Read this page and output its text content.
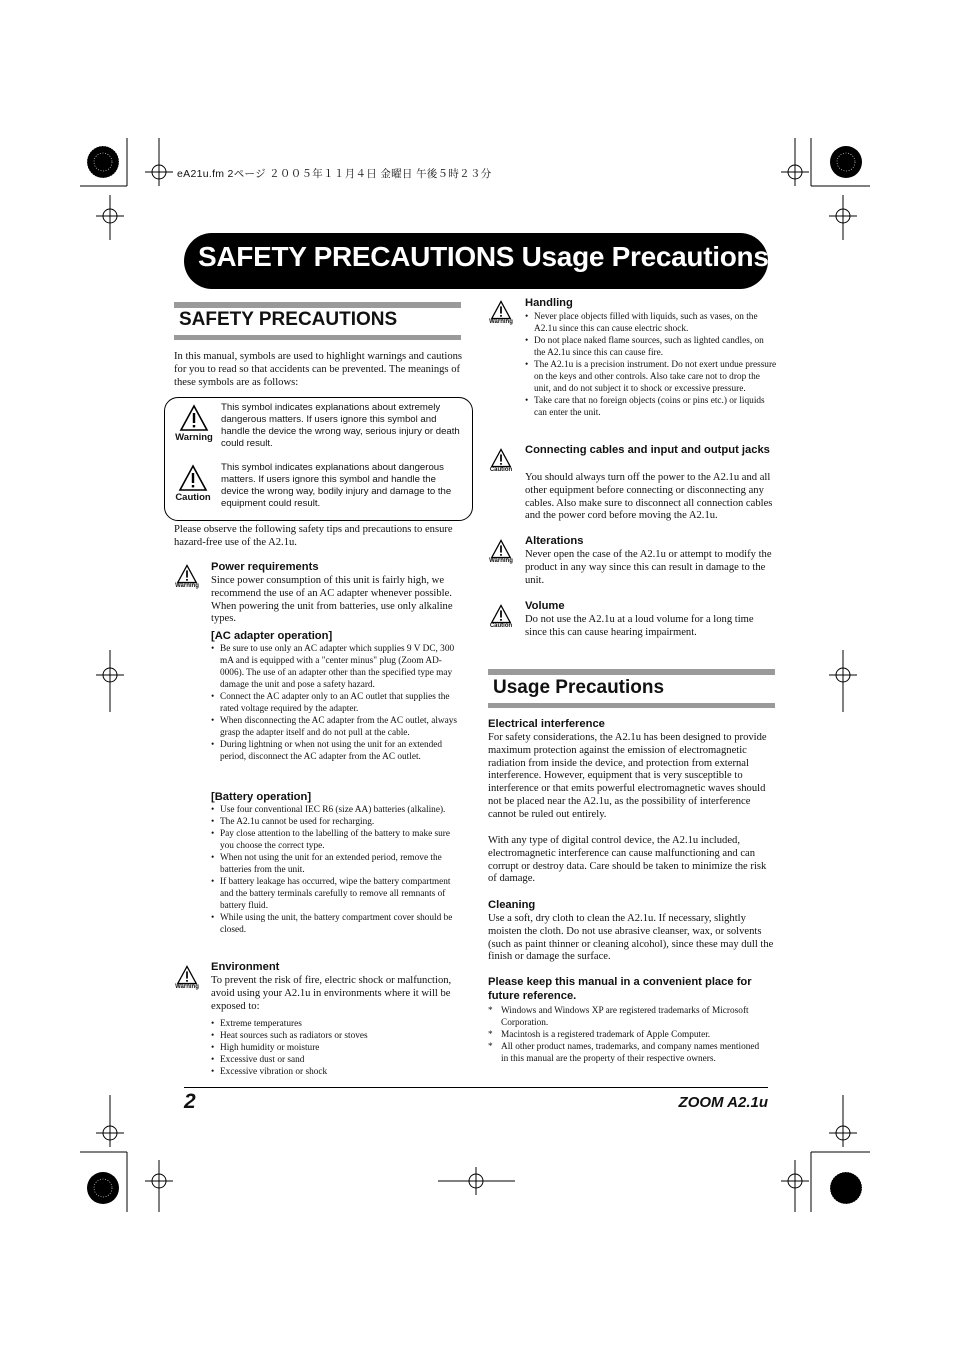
eA21u.fm 2ページ ２００５年１１月４日 金曜日 午後５時２３分
SAFETY PRECAUTIONS Usage Precautions
SAFETY PRECAUTIONS
In this manual, symbols are used to highlight warnings and cautions for you to read so that accidents can be prevented. The meanings of these symbols are as follows:
Warning
This symbol indicates explanations about extremely dangerous matters. If users ignore this symbol and handle the device the wrong way, serious injury or death could result.
Caution
This symbol indicates explanations about dangerous matters. If users ignore this symbol and handle the device the wrong way, bodily injury and damage to the equipment could result.
Please observe the following safety tips and precautions to ensure hazard-free use of the A2.1u.
Warning
Power requirements
Since power consumption of this unit is fairly high, we recommend the use of an AC adapter whenever possible. When powering the unit from batteries, use only alkaline types.
[AC adapter operation]
• Be sure to use only an AC adapter which supplies 9 V DC, 300 mA and is equipped with a "center minus" plug (Zoom AD-0006). The use of an adapter other than the specified type may damage the unit and pose a safety hazard.
• Connect the AC adapter only to an AC outlet that supplies the rated voltage required by the adapter.
• When disconnecting the AC adapter from the AC outlet, always grasp the adapter itself and do not pull at the cable.
• During lightning or when not using the unit for an extended period, disconnect the AC adapter from the AC outlet.
[Battery operation]
• Use four conventional IEC R6 (size AA) batteries (alkaline).
• The A2.1u cannot be used for recharging.
• Pay close attention to the labelling of the battery to make sure you choose the correct type.
• When not using the unit for an extended period, remove the batteries from the unit.
• If battery leakage has occurred, wipe the battery compartment and the battery terminals carefully to remove all remnants of battery fluid.
• While using the unit, the battery compartment cover should be closed.
Warning
Environment
To prevent the risk of fire, electric shock or malfunction, avoid using your A2.1u in environments where it will be exposed to:
• Extreme temperatures
• Heat sources such as radiators or stoves
• High humidity or moisture
• Excessive dust or sand
• Excessive vibration or shock
Warning
Handling
• Never place objects filled with liquids, such as vases, on the A2.1u since this can cause electric shock.
• Do not place naked flame sources, such as lighted candles, on the A2.1u since this can cause fire.
• The A2.1u is a precision instrument. Do not exert undue pressure on the keys and other controls. Also take care not to drop the unit, and do not subject it to shock or excessive pressure.
• Take care that no foreign objects (coins or pins etc.) or liquids can enter the unit.
Caution
Connecting cables and input and output jacks
You should always turn off the power to the A2.1u and all other equipment before connecting or disconnecting any cables. Also make sure to disconnect all connection cables and the power cord before moving the A2.1u.
Warning
Alterations
Never open the case of the A2.1u or attempt to modify the product in any way since this can result in damage to the unit.
Caution
Volume
Do not use the A2.1u at a loud volume for a long time since this can cause hearing impairment.
Usage Precautions
Electrical interference
For safety considerations, the A2.1u has been designed to provide maximum protection against the emission of electromagnetic radiation from inside the device, and protection from external interference. However, equipment that is very susceptible to interference or that emits powerful electromagnetic waves should not be placed near the A2.1u, as the possibility of interference cannot be ruled out entirely.
With any type of digital control device, the A2.1u included, electromagnetic interference can cause malfunctioning and can corrupt or destroy data. Care should be taken to minimize the risk of damage.
Cleaning
Use a soft, dry cloth to clean the A2.1u. If necessary, slightly moisten the cloth. Do not use abrasive cleanser, wax, or solvents (such as paint thinner or cleaning alcohol), since these may dull the finish or damage the surface.
Please keep this manual in a convenient place for future reference.
* Windows and Windows XP are registered trademarks of Microsoft Corporation.
* Macintosh is a registered trademark of Apple Computer.
* All other product names, trademarks, and company names mentioned in this manual are the property of their respective owners.
2	ZOOM A2.1u
